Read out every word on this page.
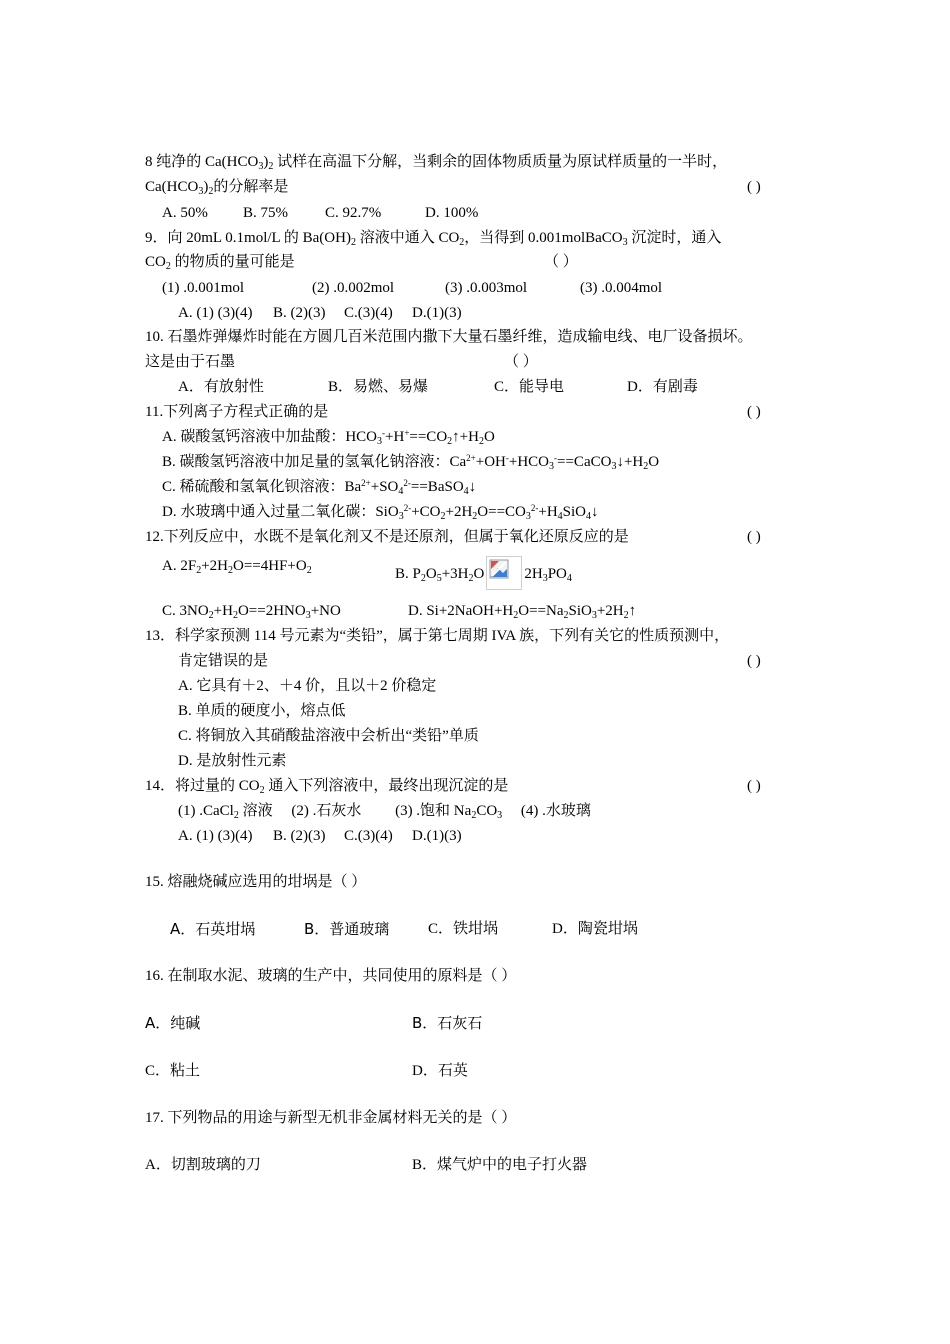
8 纯净的 $Ca(HCO_3)_2$ 试样在高温下分解，当剩余的固体物质质量为原试样质量的一半时，
$Ca(HCO_3)_2$的分解率是	( )
A. 50% B. 75% C. 92.7%	D. 100%
9．向 20mL 0.1mol/L 的 $Ba(OH)_2$ 溶液中通入 $CO_2$，当得到 0.001molBaCO$_3$ 沉淀时，通入
$CO_2$ 的物质的量可能是	（ ）
(1) .0.001mol	(2) .0.002mol	(3) .0.003mol	(3) .0.004mol
A. (1) (3)(4) B. (2)(3) C.(3)(4) D.(1)(3)
10. 石墨炸弹爆炸时能在方圆几百米范围内撒下大量石墨纤维，造成输电线、电厂设备损坏。
这是由于石墨	（ ）
A．有放射性	B．易燃、易爆	C．能导电	D．有剧毒
11.下列离子方程式正确的是	( )
A. 碳酸氢钙溶液中加盐酸：$HCO_3^-+H^+==CO_2↑+H_2O$
B. 碳酸氢钙溶液中加足量的氢氧化钠溶液：$Ca^{2+}+OH^-+HCO_3^-==CaCO_3↓+H_2O$
C. 稀硫酸和氢氧化钡溶液：$Ba^{2+}+SO_4^{2-}==BaSO_4↓$
D. 水玻璃中通入过量二氧化碳：$SiO_3^{2-}+CO_2+2H_2O==CO_3^{2-}+H_4SiO_4↓$
12.下列反应中，水既不是氧化剂又不是还原剂，但属于氧化还原反应的是	( )
A. $2F_2+2H_2O==4HF+O_2$	B. $P_2O_5+3H_2O$	$2H_3PO_4$
C. $3NO_2+H_2O==2HNO_3+NO$	D. $Si+2NaOH+H_2O==Na_2SiO_3+2H_2↑$
13．科学家预测 114 号元素为“类铅”，属于第七周期 IVA 族，下列有关它的性质预测中，
肯定错误的是	( )
A. 它具有＋2、＋4 价，且以＋2 价稳定
B. 单质的硬度小，熔点低
C. 将铜放入其硝酸盐溶液中会析出“类铅”单质
D. 是放射性元素
14．将过量的 $CO_2$ 通入下列溶液中，最终出现沉淀的是	( )
(1) .CaCl$_2$ 溶液　 (2) .石灰水　　 (3) .饱和 $Na_2CO_3$　 (4) .水玻璃
A. (1) (3)(4) B. (2)(3) C.(3)(4) D.(1)(3)
15. 熔融烧碱应选用的坩埚是（ ）
A．石英坩埚	B．普通玻璃	C．铁坩埚	D．陶瓷坩埚
16. 在制取水泥、玻璃的生产中，共同使用的原料是（ ）
A．纯碱	B．石灰石
C．粘土	D．石英
17. 下列物品的用途与新型无机非金属材料无关的是（ ）
A．切割玻璃的刀	B．煤气炉中的电子打火器
